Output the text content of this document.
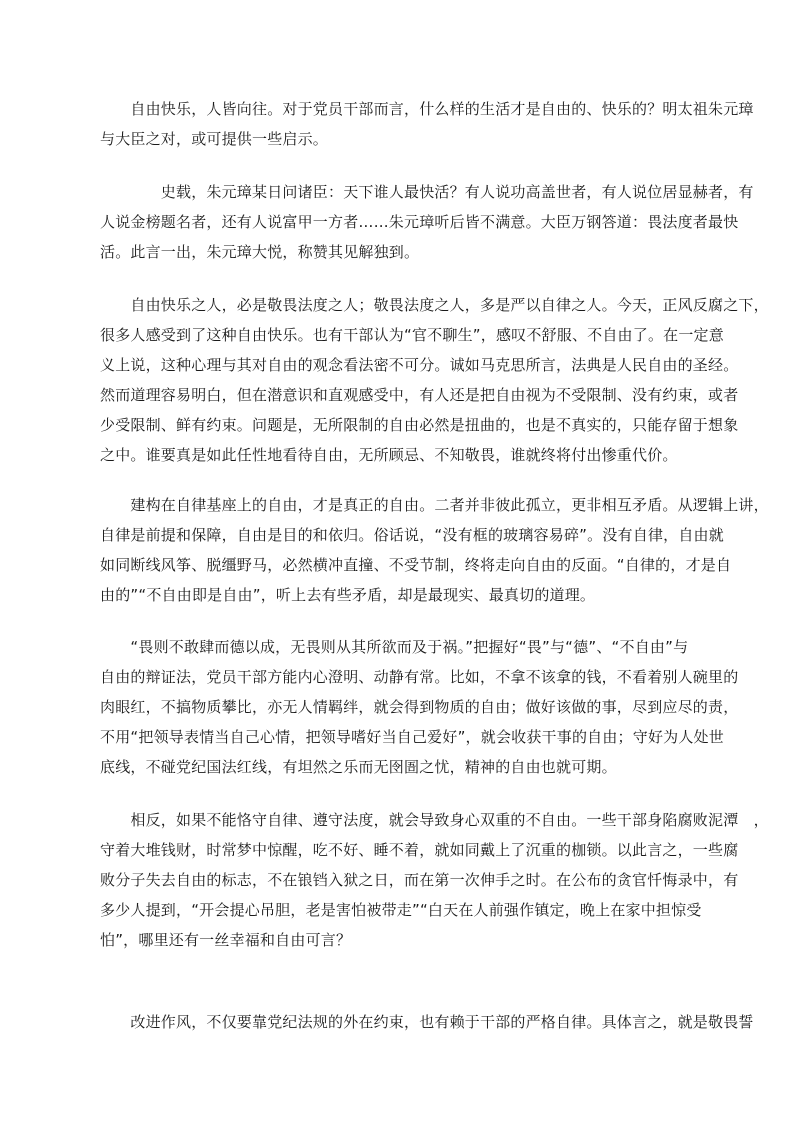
　　自由快乐，人皆向往。对于党员干部而言，什么样的生活才是自由的、快乐的？明太祖朱元璋
与大臣之对，或可提供一些启示。
　　　　史载，朱元璋某日问诸臣：天下谁人最快活？有人说功高盖世者，有人说位居显赫者，有
人说金榜题名者，还有人说富甲一方者……朱元璋听后皆不满意。大臣万钢答道：畏法度者最快
活。此言一出，朱元璋大悦，称赞其见解独到。
　　自由快乐之人，必是敬畏法度之人；敬畏法度之人，多是严以自律之人。今天，正风反腐之下，
很多人感受到了这种自由快乐。也有干部认为“官不聊生”，感叹不舒服、不自由了。在一定意
义上说，这种心理与其对自由的观念看法密不可分。诚如马克思所言，法典是人民自由的圣经。
然而道理容易明白，但在潜意识和直观感受中，有人还是把自由视为不受限制、没有约束，或者
少受限制、鲜有约束。问题是，无所限制的自由必然是扭曲的，也是不真实的，只能存留于想象
之中。谁要真是如此任性地看待自由，无所顾忌、不知敬畏，谁就终将付出惨重代价。
　　建构在自律基座上的自由，才是真正的自由。二者并非彼此孤立，更非相互矛盾。从逻辑上讲，
自律是前提和保障，自由是目的和依归。俗话说，“没有框的玻璃容易碎”。没有自律，自由就
如同断线风筝、脱缰野马，必然横冲直撞、不受节制，终将走向自由的反面。“自律的，才是自
由的”“不自由即是自由”，听上去有些矛盾，却是最现实、最真切的道理。
　　“畏则不敢肆而德以成，无畏则从其所欲而及于祸。”把握好“畏”与“德”、“不自由”与
自由的辩证法，党员干部方能内心澄明、动静有常。比如，不拿不该拿的钱，不看着别人碗里的
肉眼红，不搞物质攀比，亦无人情羁绊，就会得到物质的自由；做好该做的事，尽到应尽的责，
不用“把领导表情当自己心情，把领导嗜好当自己爱好”，就会收获干事的自由；守好为人处世
底线，不碰党纪国法红线，有坦然之乐而无囹圄之忧，精神的自由也就可期。
　　相反，如果不能恪守自律、遵守法度，就会导致身心双重的不自由。一些干部身陷腐败泥潭　，
守着大堆钱财，时常梦中惊醒，吃不好、睡不着，就如同戴上了沉重的枷锁。以此言之，一些腐
败分子失去自由的标志，不在锒铛入狱之日，而在第一次伸手之时。在公布的贪官忏悔录中，有
多少人提到，“开会提心吊胆，老是害怕被带走”“白天在人前强作镇定，晚上在家中担惊受
怕”，哪里还有一丝幸福和自由可言？
　　改进作风，不仅要靠党纪法规的外在约束，也有赖于干部的严格自律。具体言之，就是敬畏誓
